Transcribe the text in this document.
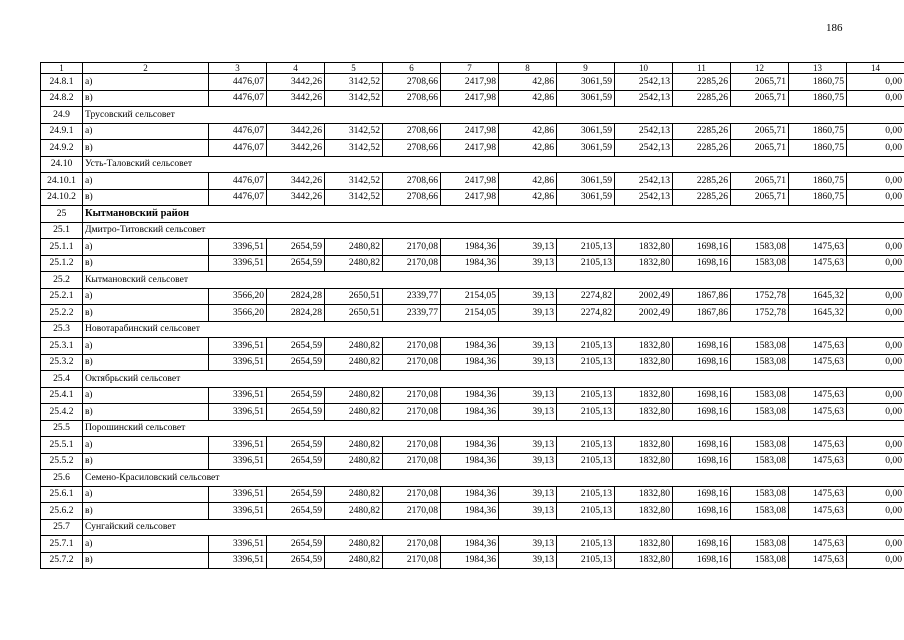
186
1	2	3	4	5	6	7	8	9	10	11	12	13	14
24.8.1	а)	4476,07	3442,26	3142,52	2708,66	2417,98	42,86	3061,59	2542,13	2285,26	2065,71	1860,75	0,00
24.8.2	в)	4476,07	3442,26	3142,52	2708,66	2417,98	42,86	3061,59	2542,13	2285,26	2065,71	1860,75	0,00
24.9	Трусовский сельсовет												
24.9.1	а)	4476,07	3442,26	3142,52	2708,66	2417,98	42,86	3061,59	2542,13	2285,26	2065,71	1860,75	0,00
24.9.2	в)	4476,07	3442,26	3142,52	2708,66	2417,98	42,86	3061,59	2542,13	2285,26	2065,71	1860,75	0,00
24.10	Усть-Таловский сельсовет												
24.10.1	а)	4476,07	3442,26	3142,52	2708,66	2417,98	42,86	3061,59	2542,13	2285,26	2065,71	1860,75	0,00
24.10.2	в)	4476,07	3442,26	3142,52	2708,66	2417,98	42,86	3061,59	2542,13	2285,26	2065,71	1860,75	0,00
25	Кытмановский район												
25.1	Дмитро-Титовский сельсовет												
25.1.1	а)	3396,51	2654,59	2480,82	2170,08	1984,36	39,13	2105,13	1832,80	1698,16	1583,08	1475,63	0,00
25.1.2	в)	3396,51	2654,59	2480,82	2170,08	1984,36	39,13	2105,13	1832,80	1698,16	1583,08	1475,63	0,00
25.2	Кытмановский сельсовет												
25.2.1	а)	3566,20	2824,28	2650,51	2339,77	2154,05	39,13	2274,82	2002,49	1867,86	1752,78	1645,32	0,00
25.2.2	в)	3566,20	2824,28	2650,51	2339,77	2154,05	39,13	2274,82	2002,49	1867,86	1752,78	1645,32	0,00
25.3	Новотарабинский сельсовет												
25.3.1	а)	3396,51	2654,59	2480,82	2170,08	1984,36	39,13	2105,13	1832,80	1698,16	1583,08	1475,63	0,00
25.3.2	в)	3396,51	2654,59	2480,82	2170,08	1984,36	39,13	2105,13	1832,80	1698,16	1583,08	1475,63	0,00
25.4	Октябрьский сельсовет												
25.4.1	а)	3396,51	2654,59	2480,82	2170,08	1984,36	39,13	2105,13	1832,80	1698,16	1583,08	1475,63	0,00
25.4.2	в)	3396,51	2654,59	2480,82	2170,08	1984,36	39,13	2105,13	1832,80	1698,16	1583,08	1475,63	0,00
25.5	Порошинский сельсовет												
25.5.1	а)	3396,51	2654,59	2480,82	2170,08	1984,36	39,13	2105,13	1832,80	1698,16	1583,08	1475,63	0,00
25.5.2	в)	3396,51	2654,59	2480,82	2170,08	1984,36	39,13	2105,13	1832,80	1698,16	1583,08	1475,63	0,00
25.6	Семено-Красиловский сельсовет												
25.6.1	а)	3396,51	2654,59	2480,82	2170,08	1984,36	39,13	2105,13	1832,80	1698,16	1583,08	1475,63	0,00
25.6.2	в)	3396,51	2654,59	2480,82	2170,08	1984,36	39,13	2105,13	1832,80	1698,16	1583,08	1475,63	0,00
25.7	Сунгайский сельсовет												
25.7.1	а)	3396,51	2654,59	2480,82	2170,08	1984,36	39,13	2105,13	1832,80	1698,16	1583,08	1475,63	0,00
25.7.2	в)	3396,51	2654,59	2480,82	2170,08	1984,36	39,13	2105,13	1832,80	1698,16	1583,08	1475,63	0,00
